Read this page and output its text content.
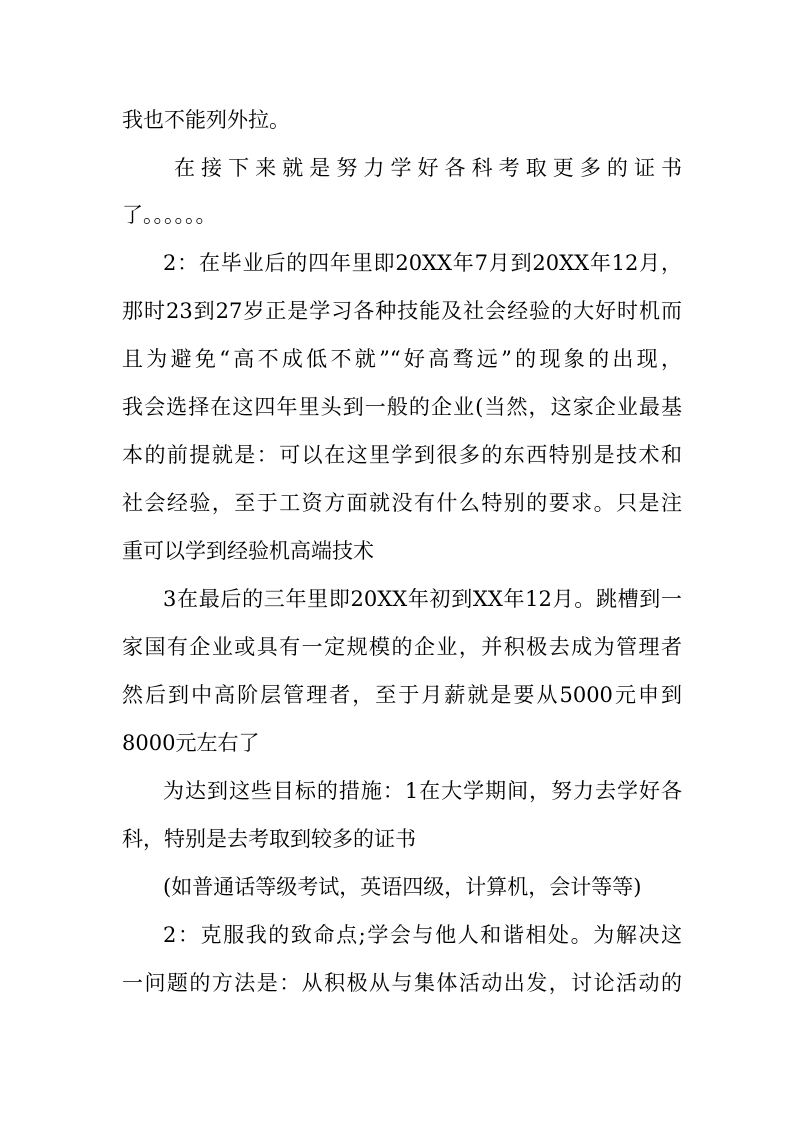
我也不能列外拉。
在接下来就是努力学好各科考取更多的证书
了。。。。。。
2：在毕业后的四年里即20XX年7月到20XX年12月，
那时23到27岁正是学习各种技能及社会经验的大好时机而
且为避免“高不成低不就”“好高骛远”的现象的出现，
我会选择在这四年里头到一般的企业(当然，这家企业最基
本的前提就是：可以在这里学到很多的东西特别是技术和
社会经验，至于工资方面就没有什么特别的要求。只是注
重可以学到经验机高端技术
3在最后的三年里即20XX年初到XX年12月。跳槽到一
家国有企业或具有一定规模的企业，并积极去成为管理者
然后到中高阶层管理者，至于月薪就是要从5000元申到
8000元左右了
为达到这些目标的措施：1在大学期间，努力去学好各
科，特别是去考取到较多的证书
(如普通话等级考试，英语四级，计算机，会计等等)
2：克服我的致命点;学会与他人和谐相处。为解决这
一问题的方法是：从积极从与集体活动出发，讨论活动的
